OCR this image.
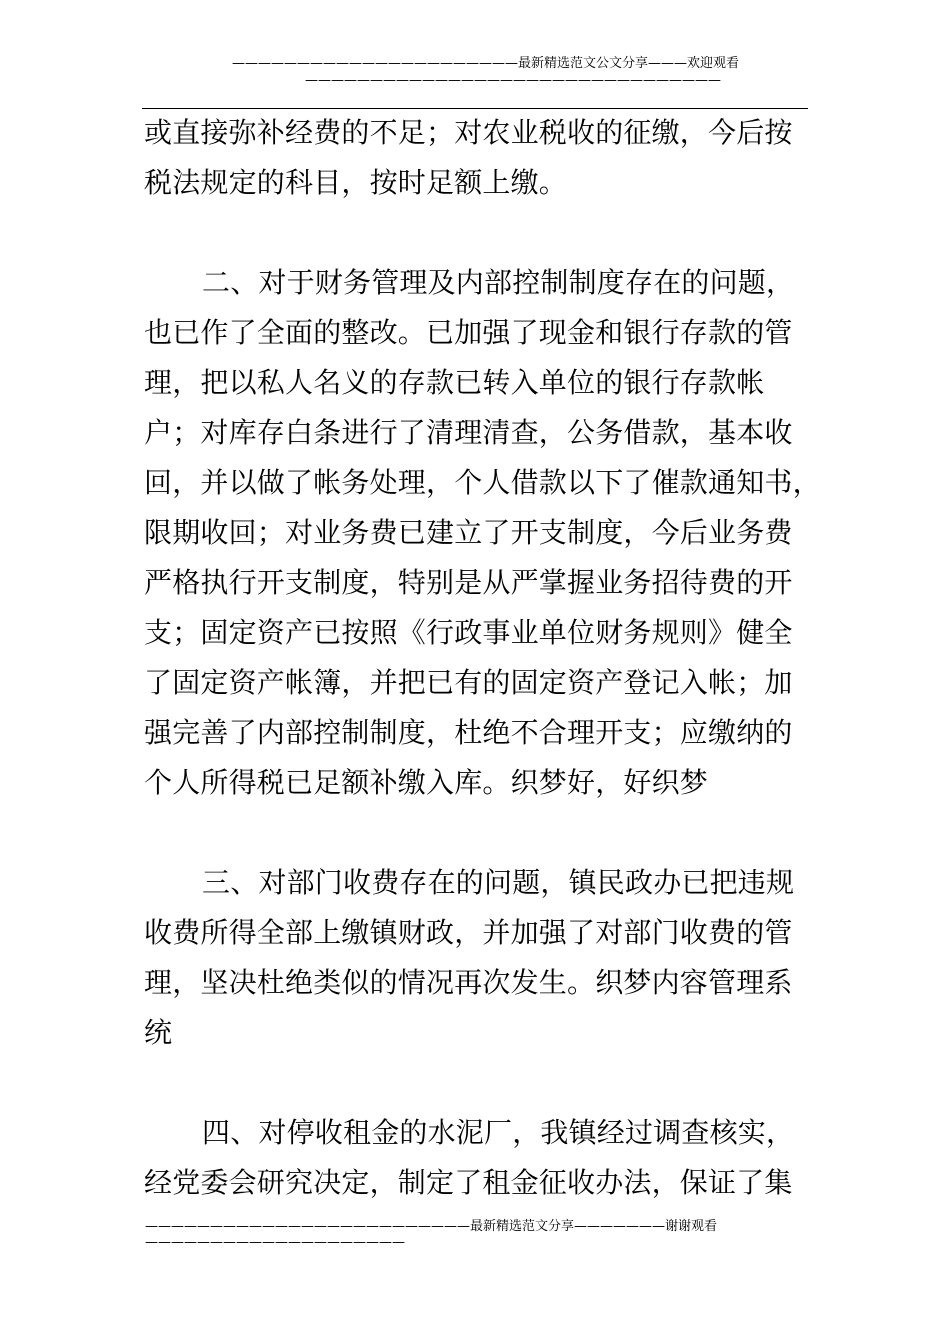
——————————————————————最新精选范文公文分享———欢迎观看
————————————————————————————————
或直接弥补经费的不足；对农业税收的征缴，今后按
税法规定的科目，按时足额上缴。
二、对于财务管理及内部控制制度存在的问题，
也已作了全面的整改。已加强了现金和银行存款的管
理，把以私人名义的存款已转入单位的银行存款帐
户；对库存白条进行了清理清查，公务借款，基本收
回，并以做了帐务处理，个人借款以下了催款通知书，
限期收回；对业务费已建立了开支制度，今后业务费
严格执行开支制度，特别是从严掌握业务招待费的开
支；固定资产已按照《行政事业单位财务规则》健全
了固定资产帐簿，并把已有的固定资产登记入帐；加
强完善了内部控制制度，杜绝不合理开支；应缴纳的
个人所得税已足额补缴入库。织梦好，好织梦
三、对部门收费存在的问题，镇民政办已把违规
收费所得全部上缴镇财政，并加强了对部门收费的管
理，坚决杜绝类似的情况再次发生。织梦内容管理系
统
四、对停收租金的水泥厂，我镇经过调查核实，
经党委会研究决定，制定了租金征收办法，保证了集
—————————————————————————最新精选范文分享———————谢谢观看
————————————————————
